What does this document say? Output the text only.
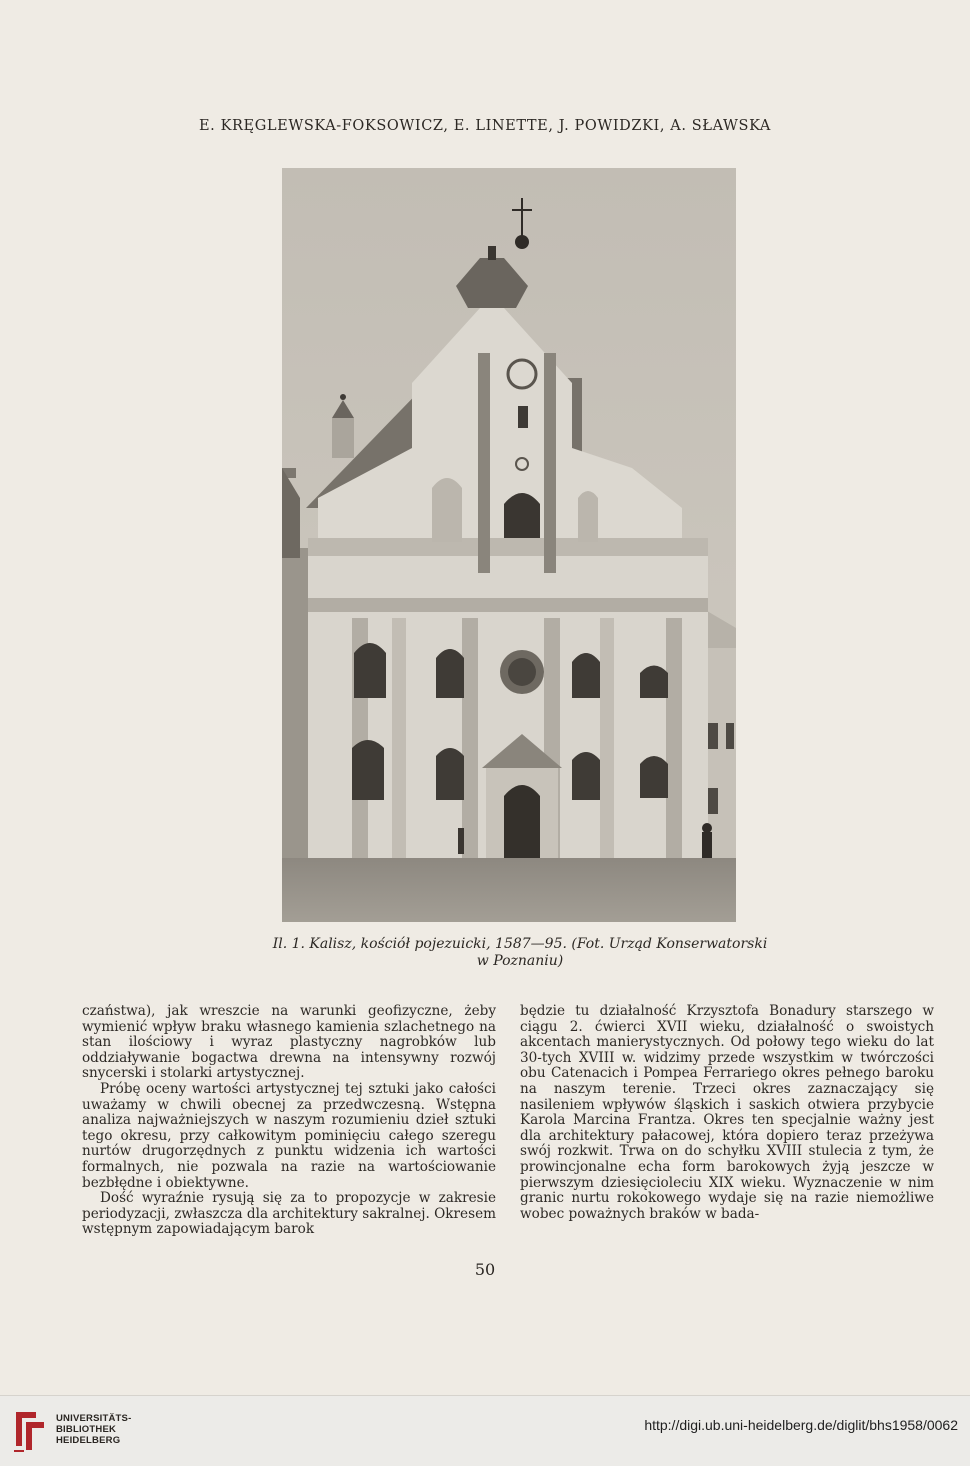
E. KRĘGLEWSKA-FOKSOWICZ, E. LINETTE, J. POWIDZKI, A. SŁAWSKA
Il. 1. Kalisz, kościół pojezuicki, 1587—95. (Fot. Urząd Konserwatorski
w Poznaniu)

czaństwa), jak wreszcie na warunki geofizyczne, żeby wymienić wpływ braku własnego kamienia szlachetnego na stan ilościowy i wyraz plastyczny nagrobków lub oddziaływanie bogactwa drewna na intensywny rozwój snycerski i stolarki artystycznej.

Próbę oceny wartości artystycznej tej sztuki jako całości uważamy w chwili obecnej za przedwczesną. Wstępna analiza najważniejszych w naszym rozumieniu dzieł sztuki tego okresu, przy całkowitym pominięciu całego szeregu nurtów drugorzędnych z punktu widzenia ich wartości formalnych, nie pozwala na razie na wartościowanie bezbłędne i obiektywne.

Dość wyraźnie rysują się za to propozycje w zakresie periodyzacji, zwłaszcza dla architektury sakralnej. Okresem wstępnym zapowiadającym barok

będzie tu działalność Krzysztofa Bonadury starszego w ciągu 2. ćwierci XVII wieku, działalność o swoistych akcentach manierystycznych. Od połowy tego wieku do lat 30-tych XVIII w. widzimy przede wszystkim w twórczości obu Catenacich i Pompea Ferrariego okres pełnego baroku na naszym terenie. Trzeci okres zaznaczający się nasileniem wpływów śląskich i saskich otwiera przybycie Karola Marcina Frantza. Okres ten specjalnie ważny jest dla architektury pałacowej, która dopiero teraz przeżywa swój rozkwit. Trwa on do schyłku XVIII stulecia z tym, że prowincjonalne echa form barokowych żyją jeszcze w pierwszym dziesięcioleciu XIX wieku. Wyznaczenie w nim granic nurtu rokokowego wydaje się na razie niemożliwe wobec poważnych braków w bada-

50
UNIVERSITÄTS-
BIBLIOTHEK
HEIDELBERG
http://digi.ub.uni-heidelberg.de/diglit/bhs1958/0062
